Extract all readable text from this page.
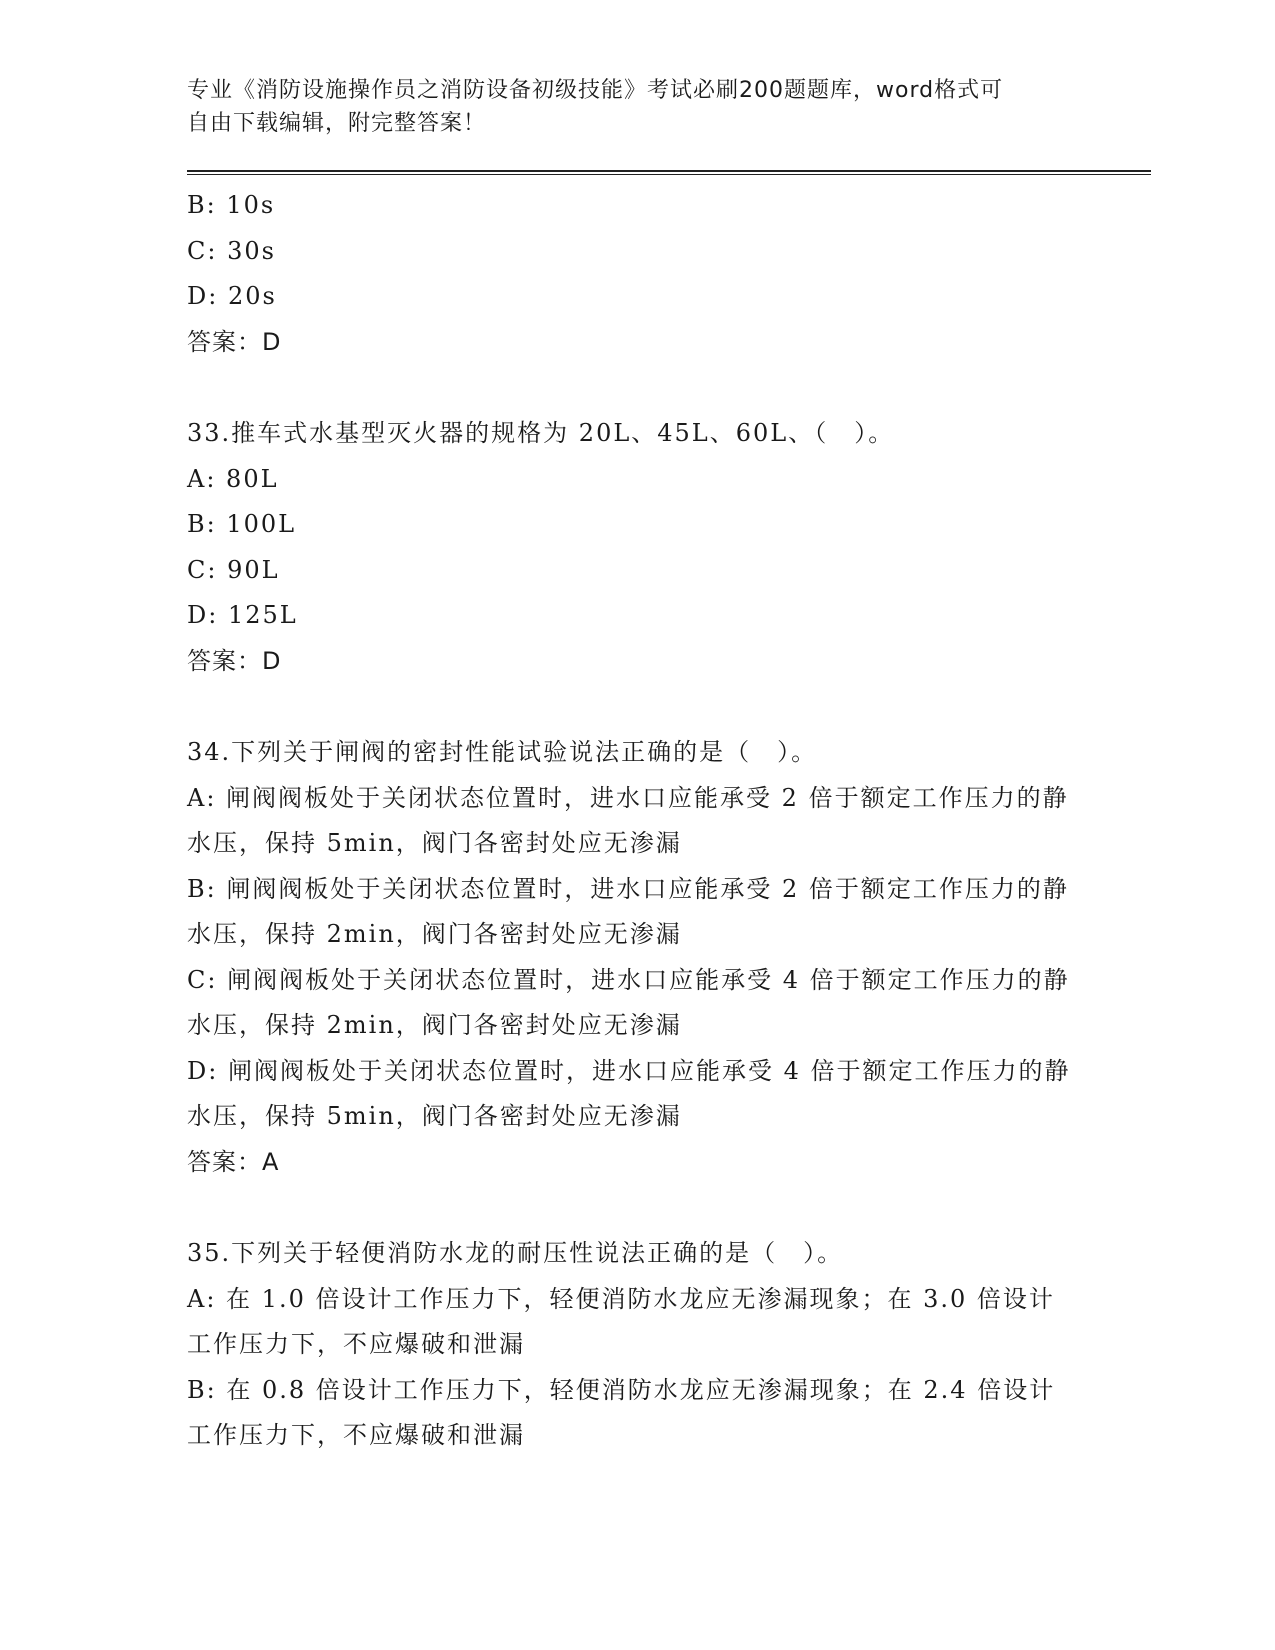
专业《消防设施操作员之消防设备初级技能》考试必刷200题题库，word格式可

自由下载编辑，附完整答案！

B: 10s

C: 30s

D: 20s

答案：D

33.推车式水基型灭火器的规格为 20L、45L、60L、（　）。

A: 80L

B: 100L

C: 90L

D: 125L

答案：D

34.下列关于闸阀的密封性能试验说法正确的是（　）。

A: 闸阀阀板处于关闭状态位置时，进水口应能承受 2 倍于额定工作压力的静水压，保持 5min，阀门各密封处应无渗漏

B: 闸阀阀板处于关闭状态位置时，进水口应能承受 2 倍于额定工作压力的静水压，保持 2min，阀门各密封处应无渗漏

C: 闸阀阀板处于关闭状态位置时，进水口应能承受 4 倍于额定工作压力的静水压，保持 2min，阀门各密封处应无渗漏

D: 闸阀阀板处于关闭状态位置时，进水口应能承受 4 倍于额定工作压力的静水压，保持 5min，阀门各密封处应无渗漏

答案：A

35.下列关于轻便消防水龙的耐压性说法正确的是（　）。

A: 在 1.0 倍设计工作压力下，轻便消防水龙应无渗漏现象；在 3.0 倍设计工作压力下，不应爆破和泄漏

B: 在 0.8 倍设计工作压力下，轻便消防水龙应无渗漏现象；在 2.4 倍设计工作压力下，不应爆破和泄漏
